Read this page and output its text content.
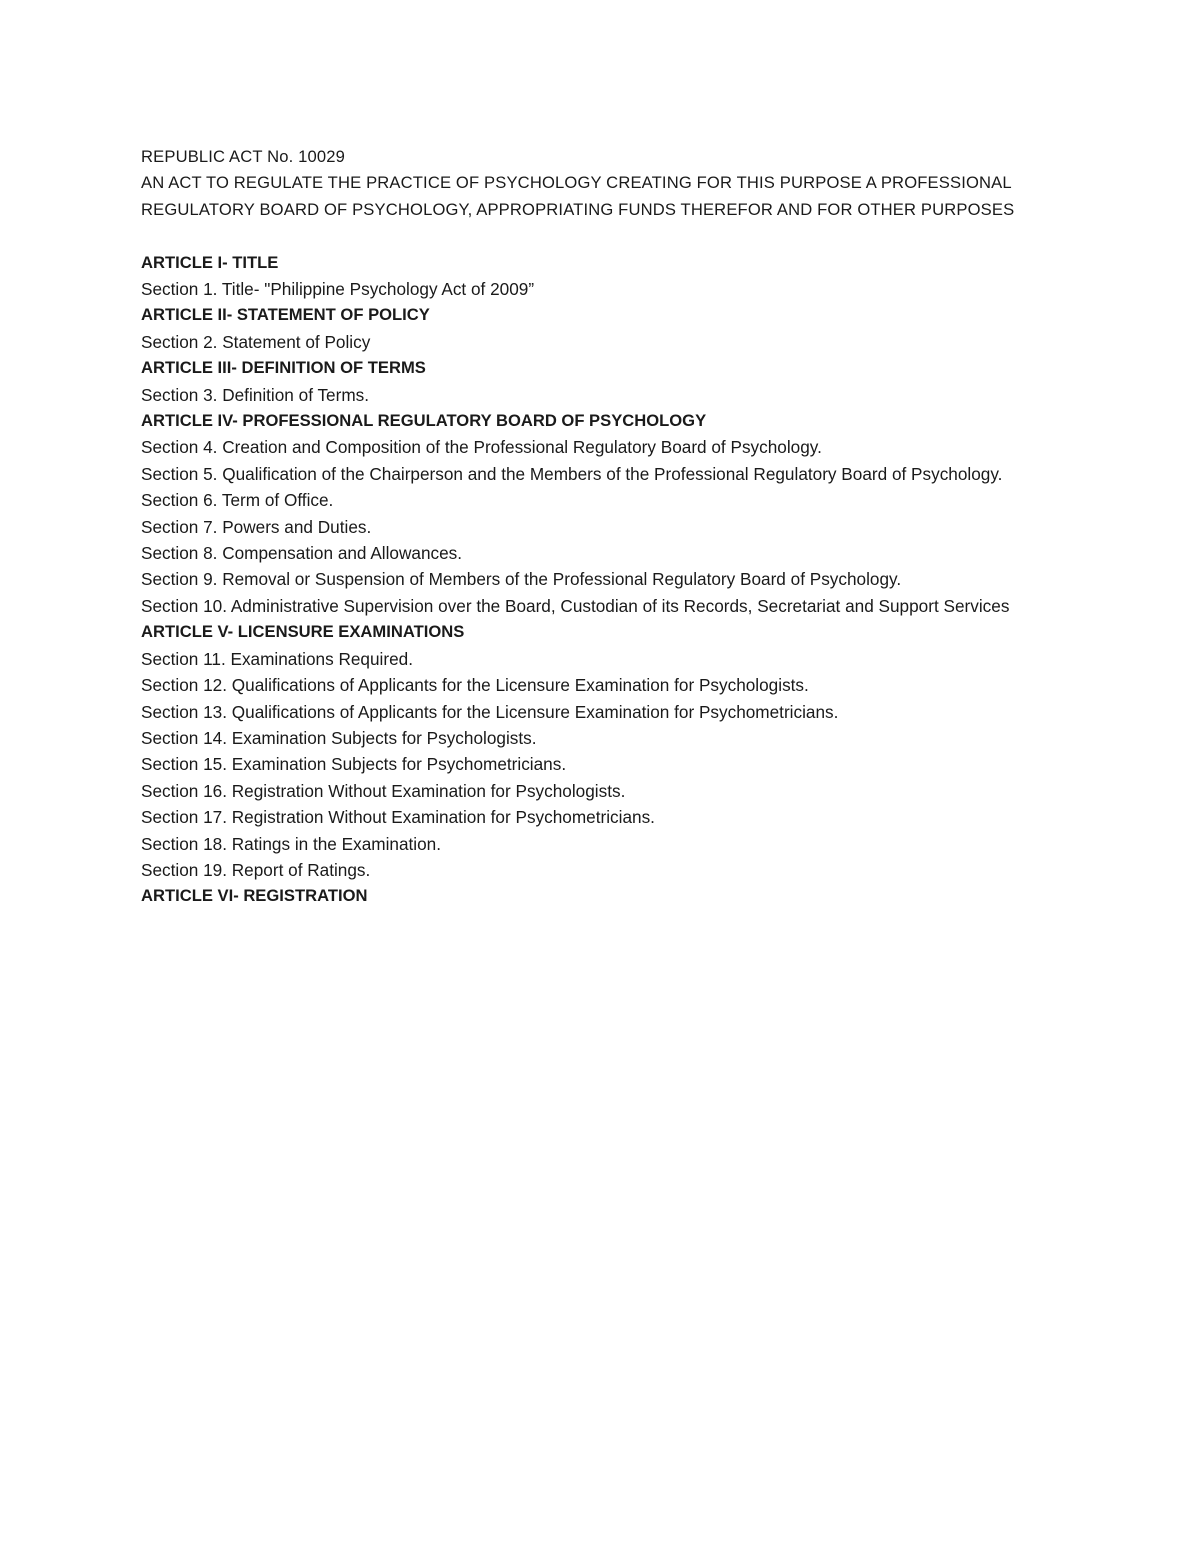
REPUBLIC ACT No. 10029
AN ACT TO REGULATE THE PRACTICE OF PSYCHOLOGY CREATING FOR THIS PURPOSE A PROFESSIONAL
REGULATORY BOARD OF PSYCHOLOGY, APPROPRIATING FUNDS THEREFOR AND FOR OTHER PURPOSES
ARTICLE I- TITLE
Section 1. Title- "Philippine Psychology Act of 2009”
ARTICLE II- STATEMENT OF POLICY
Section 2. Statement of Policy
ARTICLE III- DEFINITION OF TERMS
Section 3. Definition of Terms.
ARTICLE IV- PROFESSIONAL REGULATORY BOARD OF PSYCHOLOGY
Section 4. Creation and Composition of the Professional Regulatory Board of Psychology.
Section 5. Qualification of the Chairperson and the Members of the Professional Regulatory Board of Psychology.
Section 6. Term of Office.
Section 7. Powers and Duties.
Section 8. Compensation and Allowances.
Section 9. Removal or Suspension of Members of the Professional Regulatory Board of Psychology.
Section 10. Administrative Supervision over the Board, Custodian of its Records, Secretariat and Support Services
ARTICLE V- LICENSURE EXAMINATIONS
Section 11. Examinations Required.
Section 12. Qualifications of Applicants for the Licensure Examination for Psychologists.
Section 13. Qualifications of Applicants for the Licensure Examination for Psychometricians.
Section 14. Examination Subjects for Psychologists.
Section 15. Examination Subjects for Psychometricians.
Section 16. Registration Without Examination for Psychologists.
Section 17. Registration Without Examination for Psychometricians.
Section 18. Ratings in the Examination.
Section 19. Report of Ratings.
ARTICLE VI- REGISTRATION
